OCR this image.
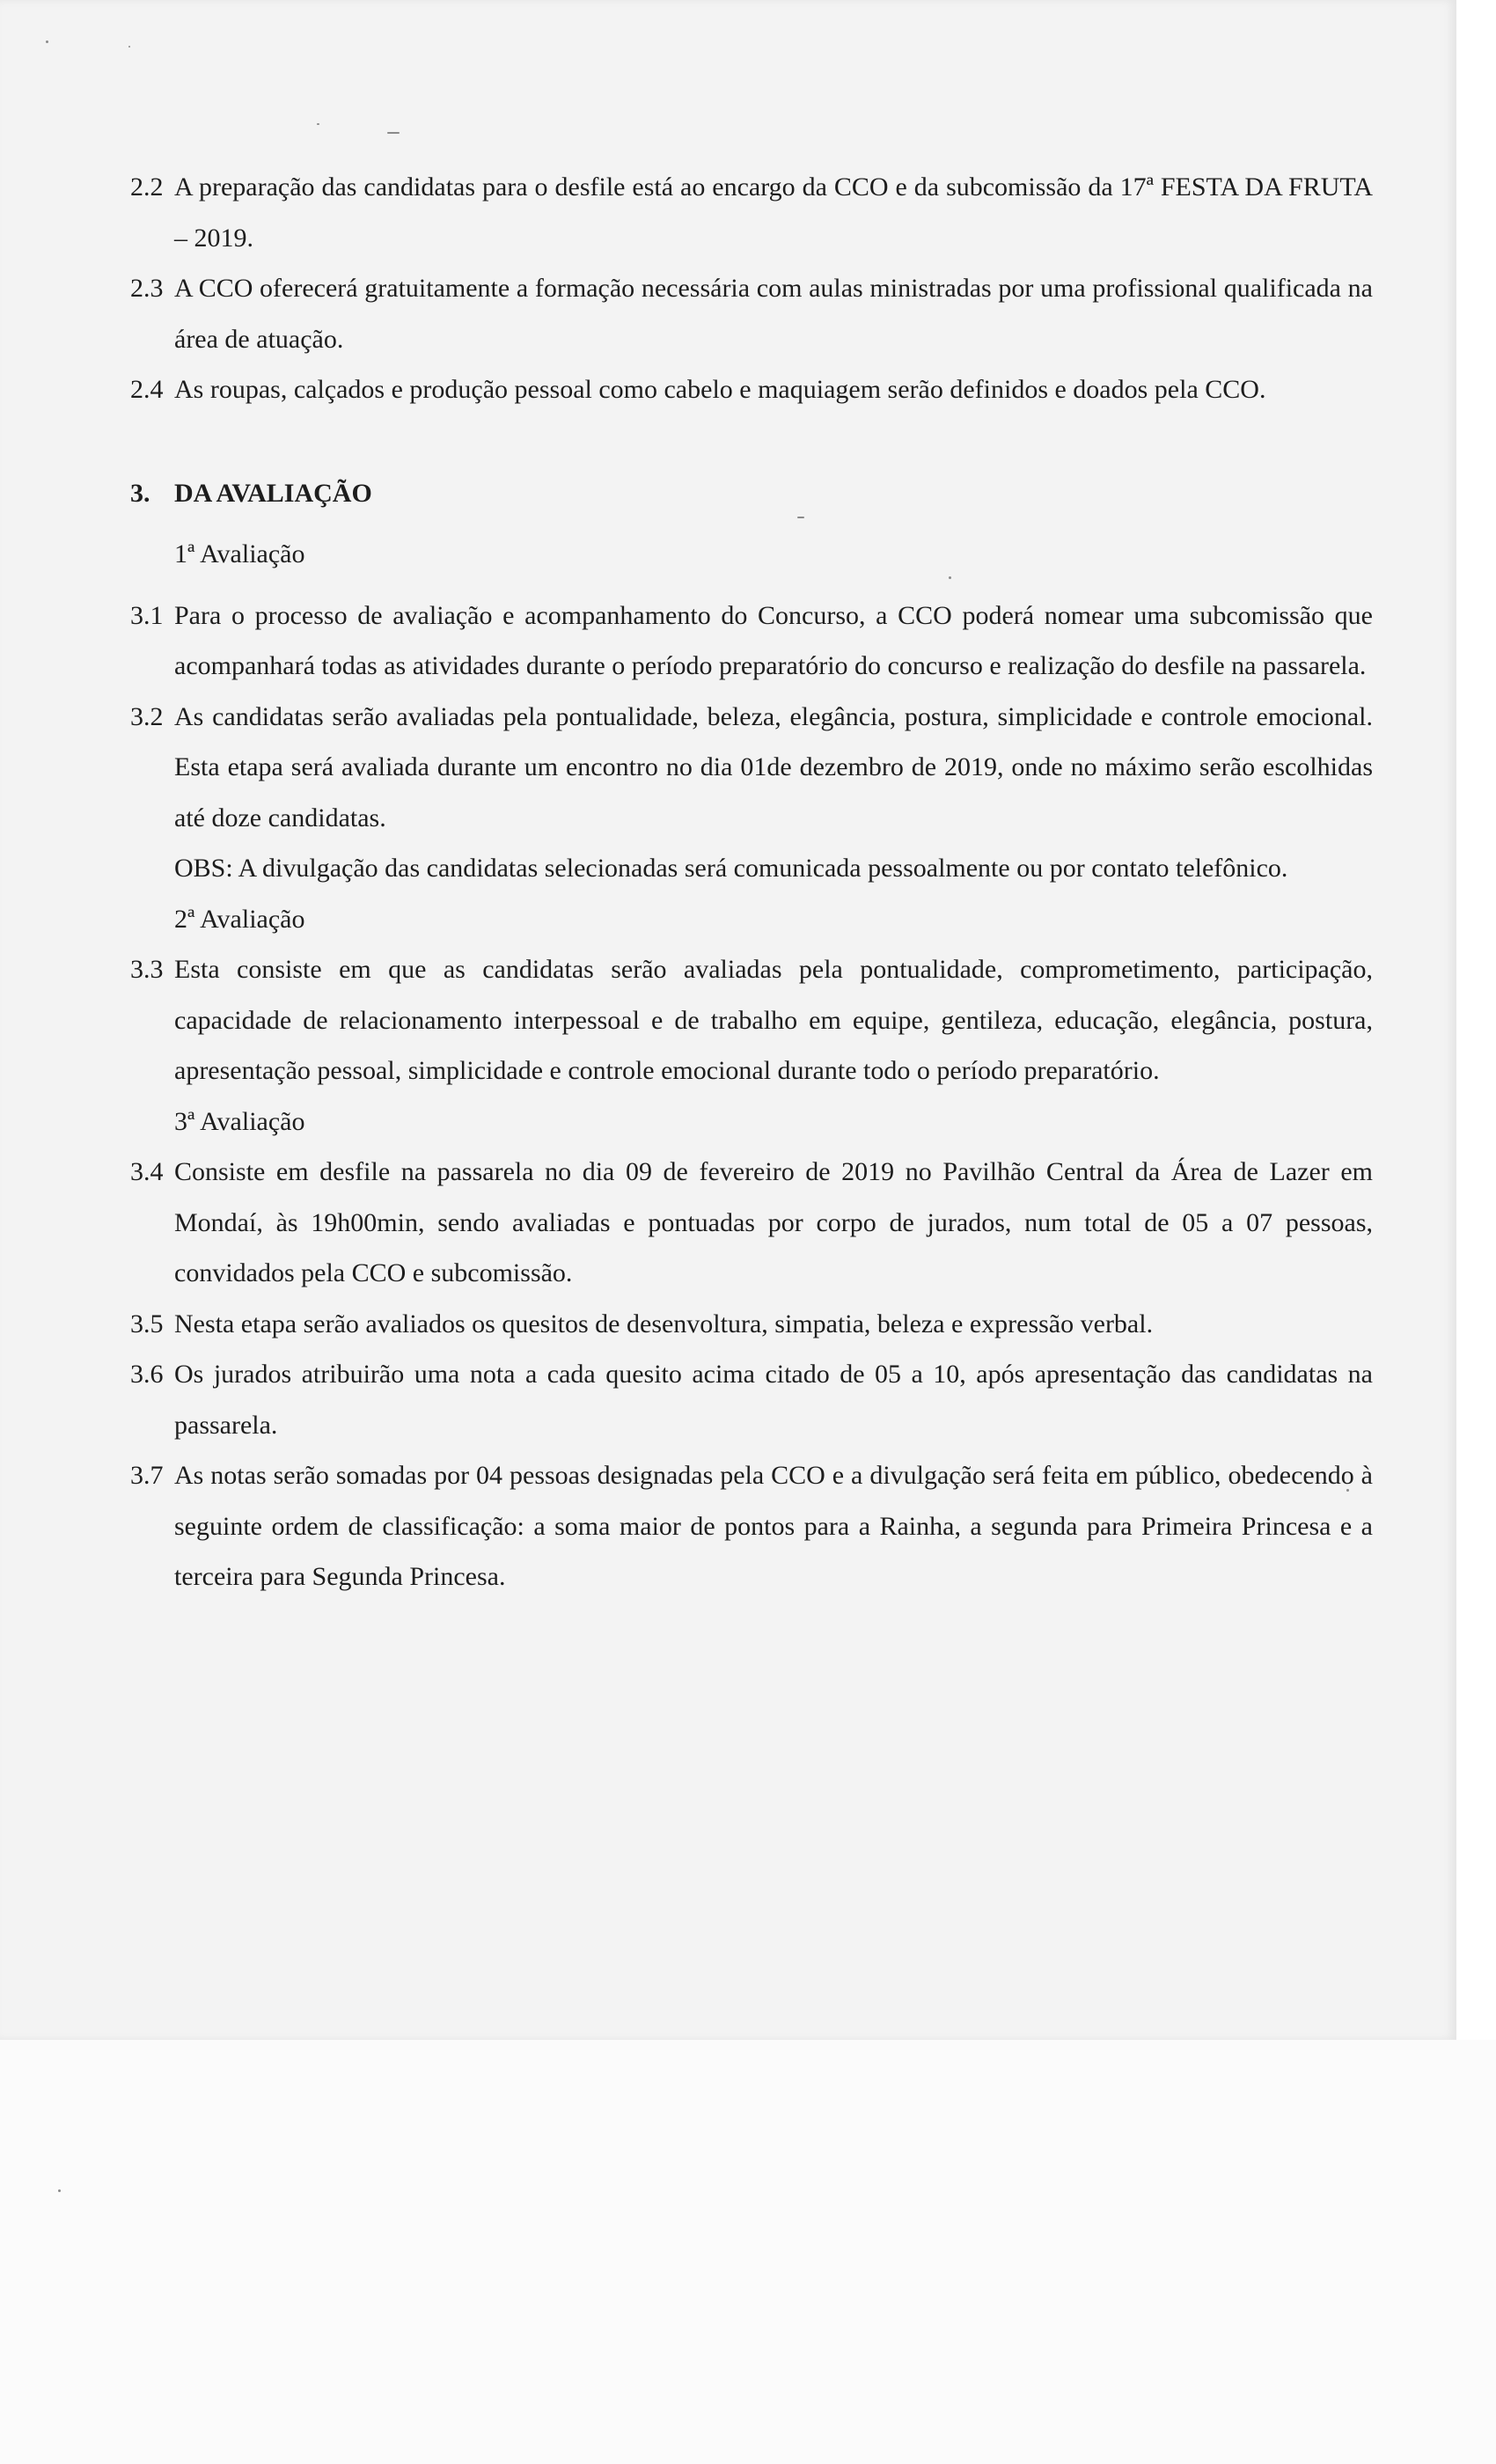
2.2 A preparação das candidatas para o desfile está ao encargo da CCO e da subcomissão da 17ª FESTA DA FRUTA – 2019.

2.3 A CCO oferecerá gratuitamente a formação necessária com aulas ministradas por uma profissional qualificada na área de atuação.

2.4 As roupas, calçados e produção pessoal como cabelo e maquiagem serão definidos e doados pela CCO.

3. DA AVALIAÇÃO

1ª Avaliação

3.1 Para o processo de avaliação e acompanhamento do Concurso, a CCO poderá nomear uma subcomissão que acompanhará todas as atividades durante o período preparatório do concurso e realização do desfile na passarela.

3.2 As candidatas serão avaliadas pela pontualidade, beleza, elegância, postura, simplicidade e controle emocional. Esta etapa será avaliada durante um encontro no dia 01de dezembro de 2019, onde no máximo serão escolhidas até doze candidatas.

OBS: A divulgação das candidatas selecionadas será comunicada pessoalmente ou por contato telefônico.

2ª Avaliação

3.3 Esta consiste em que as candidatas serão avaliadas pela pontualidade, comprometimento, participação, capacidade de relacionamento interpessoal e de trabalho em equipe, gentileza, educação, elegância, postura, apresentação pessoal, simplicidade e controle emocional durante todo o período preparatório.

3ª Avaliação

3.4 Consiste em desfile na passarela no dia 09 de fevereiro de 2019 no Pavilhão Central da Área de Lazer em Mondaí, às 19h00min, sendo avaliadas e pontuadas por corpo de jurados, num total de 05 a 07 pessoas, convidados pela CCO e subcomissão.

3.5 Nesta etapa serão avaliados os quesitos de desenvoltura, simpatia, beleza e expressão verbal.

3.6 Os jurados atribuirão uma nota a cada quesito acima citado de 05 a 10, após apresentação das candidatas na passarela.

3.7 As notas serão somadas por 04 pessoas designadas pela CCO e a divulgação será feita em público, obedecendo à seguinte ordem de classificação: a soma maior de pontos para a Rainha, a segunda para Primeira Princesa e a terceira para Segunda Princesa.
